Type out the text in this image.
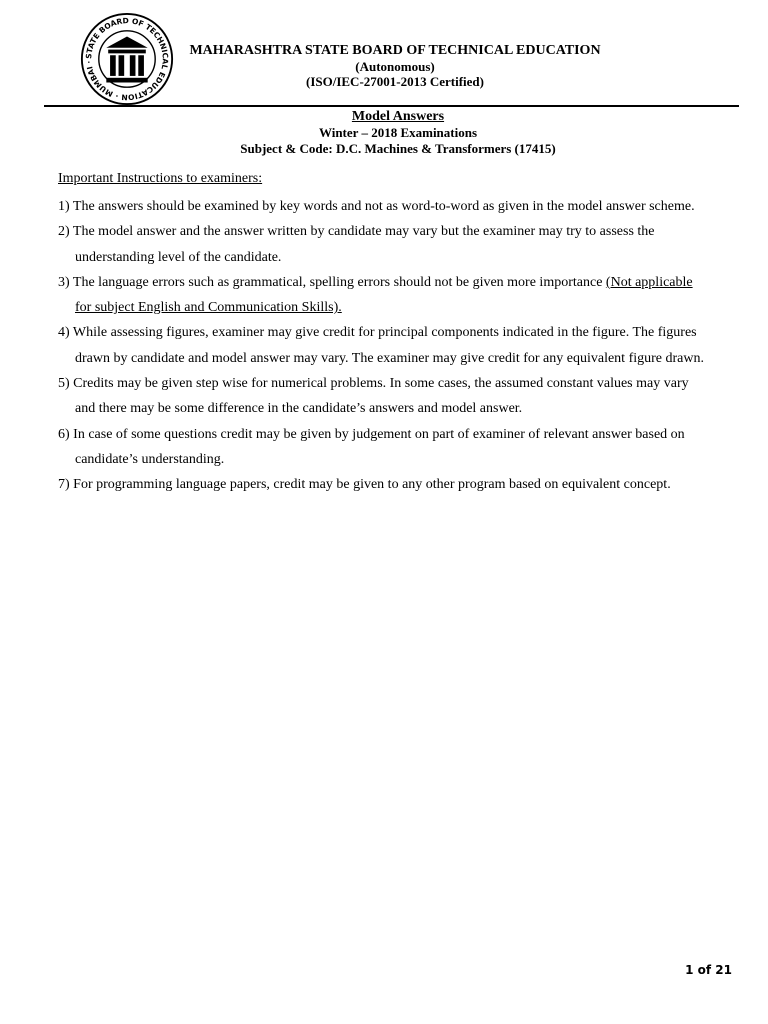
STATE BOARD OF TECHNICAL EDUCATION · MUMBAI ·
MAHARASHTRA STATE BOARD OF TECHNICAL EDUCATION
(Autonomous)
(ISO/IEC-27001-2013 Certified)
Model Answers
Winter – 2018 Examinations
Subject & Code: D.C. Machines & Transformers (17415)
Important Instructions to examiners:
1) The answers should be examined by key words and not as word-to-word as given in the model answer scheme.
2) The model answer and the answer written by candidate may vary but the examiner may try to assess the understanding level of the candidate.
3) The language errors such as grammatical, spelling errors should not be given more importance (Not applicable for subject English and Communication Skills).
4) While assessing figures, examiner may give credit for principal components indicated in the figure. The figures drawn by candidate and model answer may vary. The examiner may give credit for any equivalent figure drawn.
5) Credits may be given step wise for numerical problems. In some cases, the assumed constant values may vary and there may be some difference in the candidate’s answers and model answer.
6) In case of some questions credit may be given by judgement on part of examiner of relevant answer based on candidate’s understanding.
7) For programming language papers, credit may be given to any other program based on equivalent concept.
1 of 21
